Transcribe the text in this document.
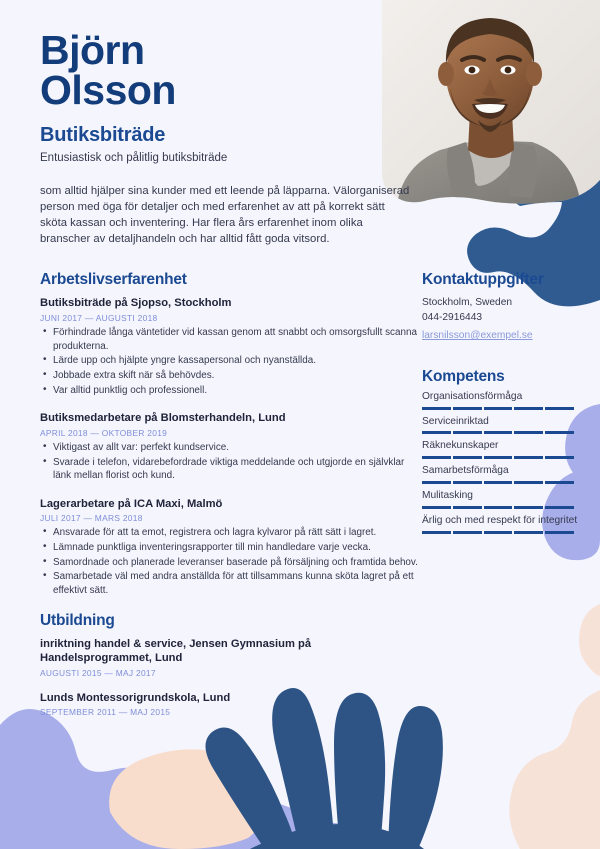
Björn
Olsson
Butiksbiträde
Entusiastisk och pålitlig butiksbiträde
som alltid hjälper sina kunder med ett leende på läpparna. Välorganiserad person med öga för detaljer och med erfarenhet av att på korrekt sätt sköta kassan och inventering. Har flera års erfarenhet inom olika branscher av detaljhandeln och har alltid fått goda vitsord.
Arbetslivserfarenhet
Butiksbiträde på Sjopso, Stockholm
JUNI 2017 — AUGUSTI 2018
• Förhindrade långa väntetider vid kassan genom att snabbt och omsorgsfullt scanna produkterna.
• Lärde upp och hjälpte yngre kassapersonal och nyanställda.
• Jobbade extra skift när så behövdes.
• Var alltid punktlig och professionell.
Butiksmedarbetare på Blomsterhandeln, Lund
APRIL 2018 — OKTOBER 2019
• Viktigast av allt var: perfekt kundservice.
• Svarade i telefon, vidarebefordrade viktiga meddelande och utgjorde en självklar länk mellan florist och kund.
Lagerarbetare på ICA Maxi, Malmö
JULI 2017 — MARS 2018
• Ansvarade för att ta emot, registrera och lagra kylvaror på rätt sätt i lagret.
• Lämnade punktliga inventeringsrapporter till min handledare varje vecka.
• Samordnade och planerade leveranser baserade på försäljning och framtida behov.
• Samarbetade väl med andra anställda för att tillsammans kunna sköta lagret på ett effektivt sätt.
Utbildning
inriktning handel & service, Jensen Gymnasium på Handelsprogrammet, Lund
AUGUSTI 2015 — MAJ 2017
Lunds Montessorigrundskola, Lund
SEPTEMBER 2011 — MAJ 2015
Kontaktuppgifter
Stockholm, Sweden
044-2916443
larsnilsson@exempel.se
Kompetens
Organisationsförmåga
Serviceinriktad
Räknekunskaper
Samarbetsförmåga
Mulitasking
Ärlig och med respekt för integritet
